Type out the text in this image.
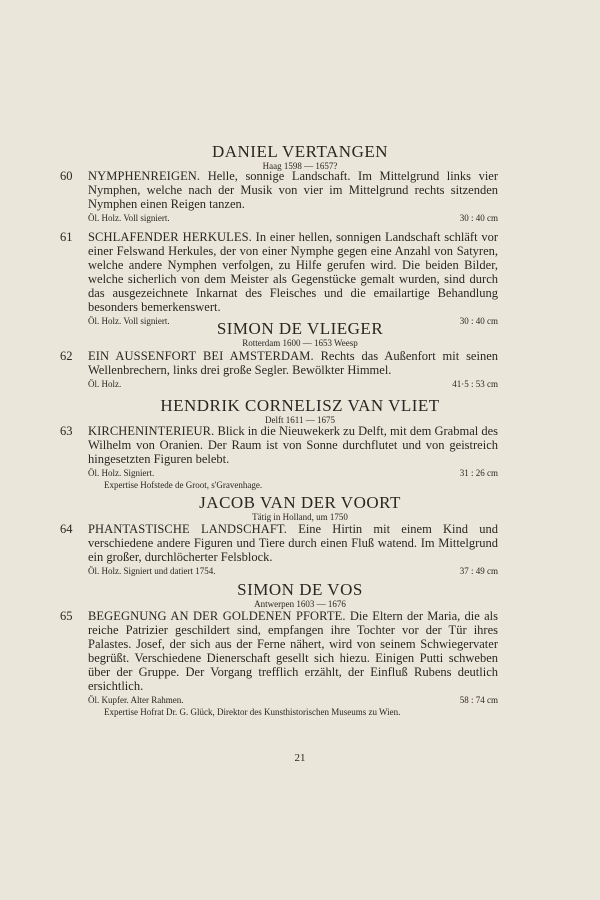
DANIEL VERTANGEN
Haag 1598 — 1657?
60 NYMPHENREIGEN. Helle, sonnige Landschaft. Im Mittelgrund links vier Nymphen, welche nach der Musik von vier im Mittelgrund rechts sitzenden Nymphen einen Reigen tanzen.
Öl. Holz. Voll signiert.	30 : 40 cm
61 SCHLAFENDER HERKULES. In einer hellen, sonnigen Landschaft schläft vor einer Felswand Herkules, der von einer Nymphe gegen eine Anzahl von Satyren, welche andere Nymphen verfolgen, zu Hilfe gerufen wird. Die beiden Bilder, welche sicherlich von dem Meister als Gegenstücke gemalt wurden, sind durch das ausgezeichnete Inkarnat des Fleisches und die emailartige Behandlung besonders bemerkenswert.
Öl. Holz. Voll signiert.	30 : 40 cm
SIMON DE VLIEGER
Rotterdam 1600 — 1653 Weesp
62 EIN AUSSENFORT BEI AMSTERDAM. Rechts das Außenfort mit seinen Wellenbrechern, links drei große Segler. Bewölkter Himmel.
Öl. Holz.	41·5 : 53 cm
HENDRIK CORNELISZ VAN VLIET
Delft 1611 — 1675
63 KIRCHENINTERIEUR. Blick in die Nieuwekerk zu Delft, mit dem Grabmal des Wilhelm von Oranien. Der Raum ist von Sonne durchflutet und von geistreich hingesetzten Figuren belebt.
Öl. Holz. Signiert.	31 : 26 cm
Expertise Hofstede de Groot, s'Gravenhage.
JACOB VAN DER VOORT
Tätig in Holland, um 1750
64 PHANTASTISCHE LANDSCHAFT. Eine Hirtin mit einem Kind und verschiedene andere Figuren und Tiere durch einen Fluß watend. Im Mittelgrund ein großer, durchlöcherter Felsblock.
Öl. Holz. Signiert und datiert 1754.	37 : 49 cm
SIMON DE VOS
Antwerpen 1603 — 1676
65 BEGEGNUNG AN DER GOLDENEN PFORTE. Die Eltern der Maria, die als reiche Patrizier geschildert sind, empfangen ihre Tochter vor der Tür ihres Palastes. Josef, der sich aus der Ferne nähert, wird von seinem Schwiegervater begrüßt. Verschiedene Dienerschaft gesellt sich hiezu. Einigen Putti schweben über der Gruppe. Der Vorgang trefflich erzählt, der Einfluß Rubens deutlich ersichtlich.
Öl. Kupfer. Alter Rahmen.	58 : 74 cm
Expertise Hofrat Dr. G. Glück, Direktor des Kunsthistorischen Museums zu Wien.
21
